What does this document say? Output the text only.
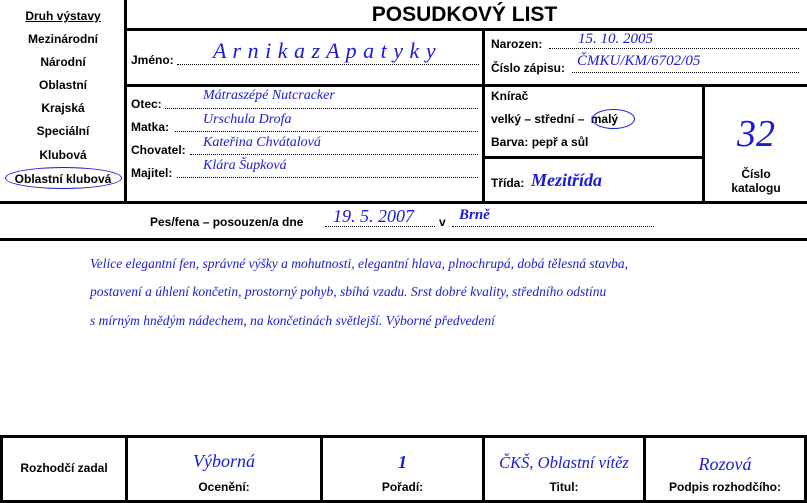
Druh výstavy
Mezinárodní
Národní
Oblastní
Krajská
Speciální
Klubová
Oblastní klubová
POSUDKOVÝ LIST
Jméno: A r n i k a z A p a t y k y	Narozen: 15. 10. 2005
Číslo zápisu: ČMKU/KM/6702/05
Otec:
Mátraszépé Nutcracker
Matka: Urschula Drofa
Chovatel: Kateřina Chvátalová
Majitel: Klára Šupková
Knírač
velký – střední – malý
Barva: pepř a sůl
Třída: Mezitřída
32
Číslo
katalogu
Pes/fena – posouzen/a dne 19. 5. 2007 v Brně
Velice elegantní fen, správné výšky a mohutnosti, elegantní hlava, plnochrupá, dobá tělesná stavba,
postavení a úhlení končetin, prostorný pohyb, sbíhá vzadu. Srst dobré kvality, středního odstínu
s mírným hnědým nádechem, na končetinách světlejší. Výborné předvedení
Rozhodčí zadal	Výborná
Ocenění:
1
Pořadí:
ČKŠ, Oblastní vítěz
Titul:
Rozová
Podpis rozhodčího:
